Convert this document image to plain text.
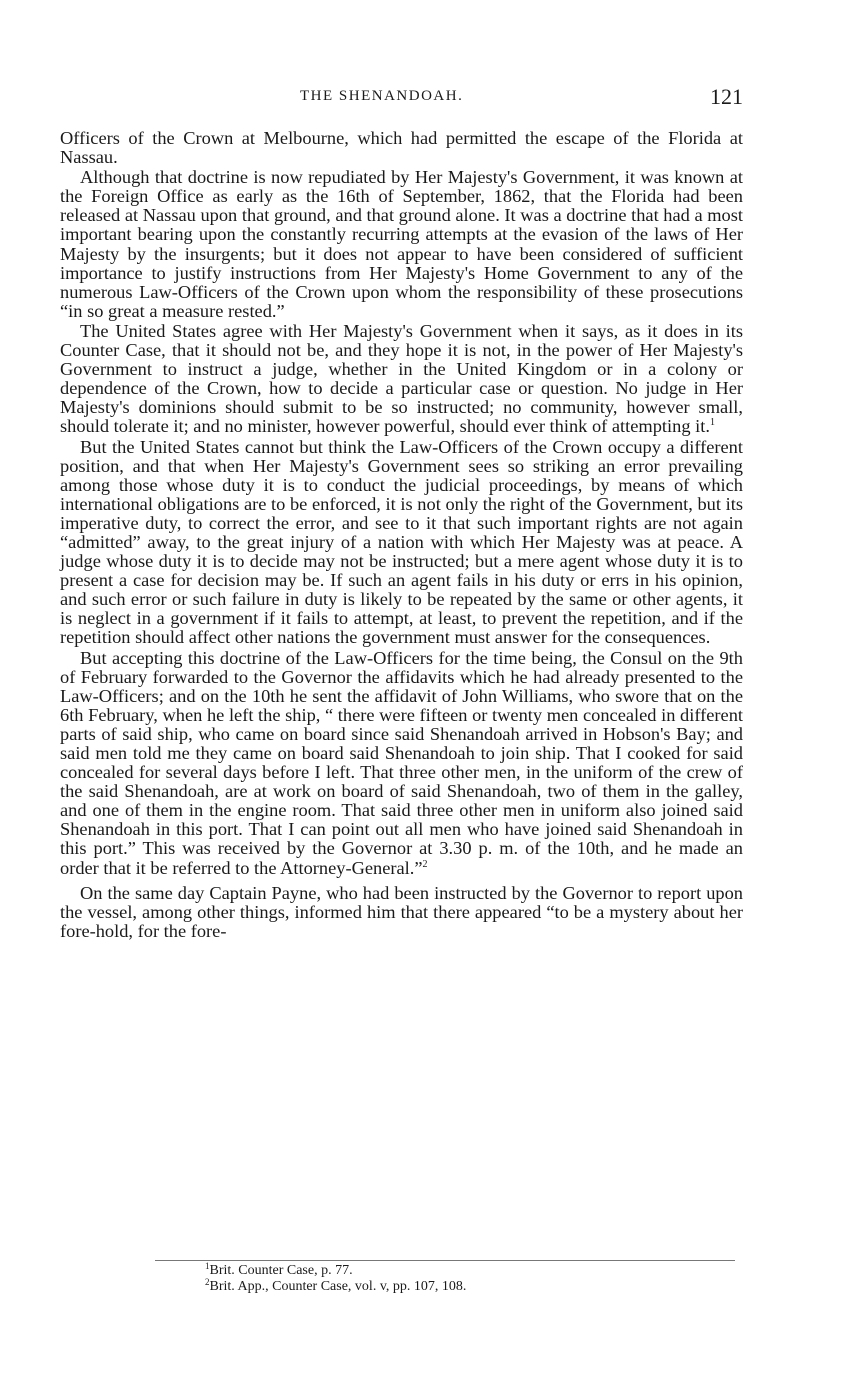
THE SHENANDOAH.	121

Officers of the Crown at Melbourne, which had permitted the escape of the Florida at Nassau.

Although that doctrine is now repudiated by Her Majesty's Government, it was known at the Foreign Office as early as the 16th of September, 1862, that the Florida had been released at Nassau upon that ground, and that ground alone. It was a doctrine that had a most important bearing upon the constantly recurring attempts at the evasion of the laws of Her Majesty by the insurgents; but it does not appear to have been considered of sufficient importance to justify instructions from Her Majesty's Home Government to any of the numerous Law-Officers of the Crown upon whom the responsibility of these prosecutions “in so great a measure rested.”

The United States agree with Her Majesty's Government when it says, as it does in its Counter Case, that it should not be, and they hope it is not, in the power of Her Majesty's Government to instruct a judge, whether in the United Kingdom or in a colony or dependence of the Crown, how to decide a particular case or question. No judge in Her Majesty's dominions should submit to be so instructed; no community, however small, should tolerate it; and no minister, however powerful, should ever think of attempting it.$^1$

But the United States cannot but think the Law-Officers of the Crown occupy a different position, and that when Her Majesty's Government sees so striking an error prevailing among those whose duty it is to conduct the judicial proceedings, by means of which international obligations are to be enforced, it is not only the right of the Government, but its imperative duty, to correct the error, and see to it that such important rights are not again “admitted” away, to the great injury of a nation with which Her Majesty was at peace. A judge whose duty it is to decide may not be instructed; but a mere agent whose duty it is to present a case for decision may be. If such an agent fails in his duty or errs in his opinion, and such error or such failure in duty is likely to be repeated by the same or other agents, it is neglect in a government if it fails to attempt, at least, to prevent the repetition, and if the repetition should affect other nations the government must answer for the consequences.

But accepting this doctrine of the Law-Officers for the time being, the Consul on the 9th of February forwarded to the Governor the affidavits which he had already presented to the Law-Officers; and on the 10th he sent the affidavit of John Williams, who swore that on the 6th February, when he left the ship, “ there were fifteen or twenty men concealed in different parts of said ship, who came on board since said Shenandoah arrived in Hobson's Bay; and said men told me they came on board said Shenandoah to join ship. That I cooked for said concealed for several days before I left. That three other men, in the uniform of the crew of the said Shenandoah, are at work on board of said Shenandoah, two of them in the galley, and one of them in the engine room. That said three other men in uniform also joined said Shenandoah in this port. That I can point out all men who have joined said Shenandoah in this port.” This was received by the Governor at 3.30 p. m. of the 10th, and he made an order that it be referred to the Attorney-General.”$^2$

On the same day Captain Payne, who had been instructed by the Governor to report upon the vessel, among other things, informed him that there appeared “to be a mystery about her fore-hold, for the fore-

$^1$Brit. Counter Case, p. 77.

$^2$Brit. App., Counter Case, vol. v, pp. 107, 108.
